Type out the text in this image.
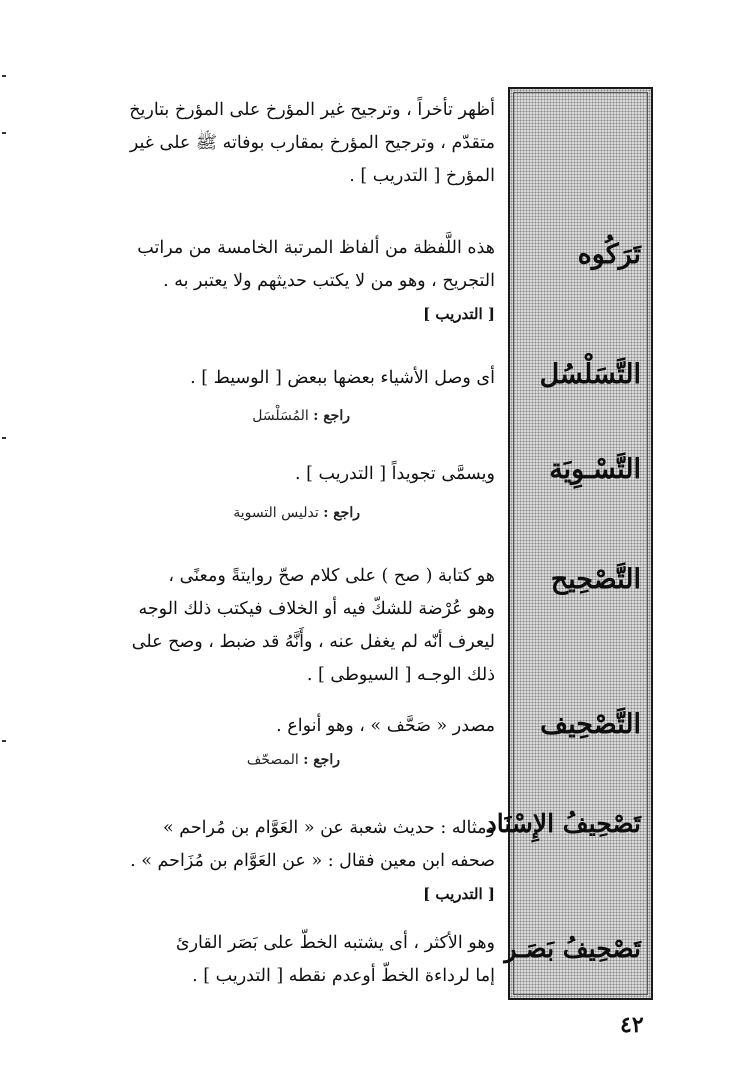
تَرَكُوه
التَّسَلْسُل
التَّسْـوِيَة
التَّصْحِيح
التَّصْحِيف
تَصْحِيفُ الإِسْنَاد
تَصْحِيفُ بَصَـر
أظهر تأخراً ، وترجيح غير المؤرخ على المؤرخ بتاريخ
متقدّم ، وترجيح المؤرخ بمقارب بوفاته ﷺ على غير
المؤرخ [ التدريب ] .
هذه اللَّفظة من ألفاظ المرتبة الخامسة من مراتب
التجريح ، وهو من لا يكتب حديثهم ولا يعتبر به .
[ التدريب ]
أى وصل الأشياء بعضها ببعض [ الوسيط ] .
راجع : المُسَلْسَل
ويسمَّى تجويداً [ التدريب ] .
راجع : تدليس التسوية
هو كتابة ( صح ) على كلام صحّ روايتةً ومعنًى ،
وهو عُرْضة للشكّ فيه أو الخلاف فيكتب ذلك الوجه
ليعرف أنّه لم يغفل عنه ، وأَنَّهُ قد ضبط ، وصح على
ذلك الوجـه [ السيوطى ] .
مصدر « صَحَّف » ، وهو أنواع .
راجع : المصحّف
ومثاله : حديث شعبة عن « العَوَّام بن مُراحم »
صحفه ابن معين فقال : « عن العَوَّام بن مُزَاحم » .
[ التدريب ]
وهو الأكثر ، أى يشتبه الخطّ على بَصَر القارئ
إما لرداءة الخطّ أوعدم نقطه [ التدريب ] .
٤٢
